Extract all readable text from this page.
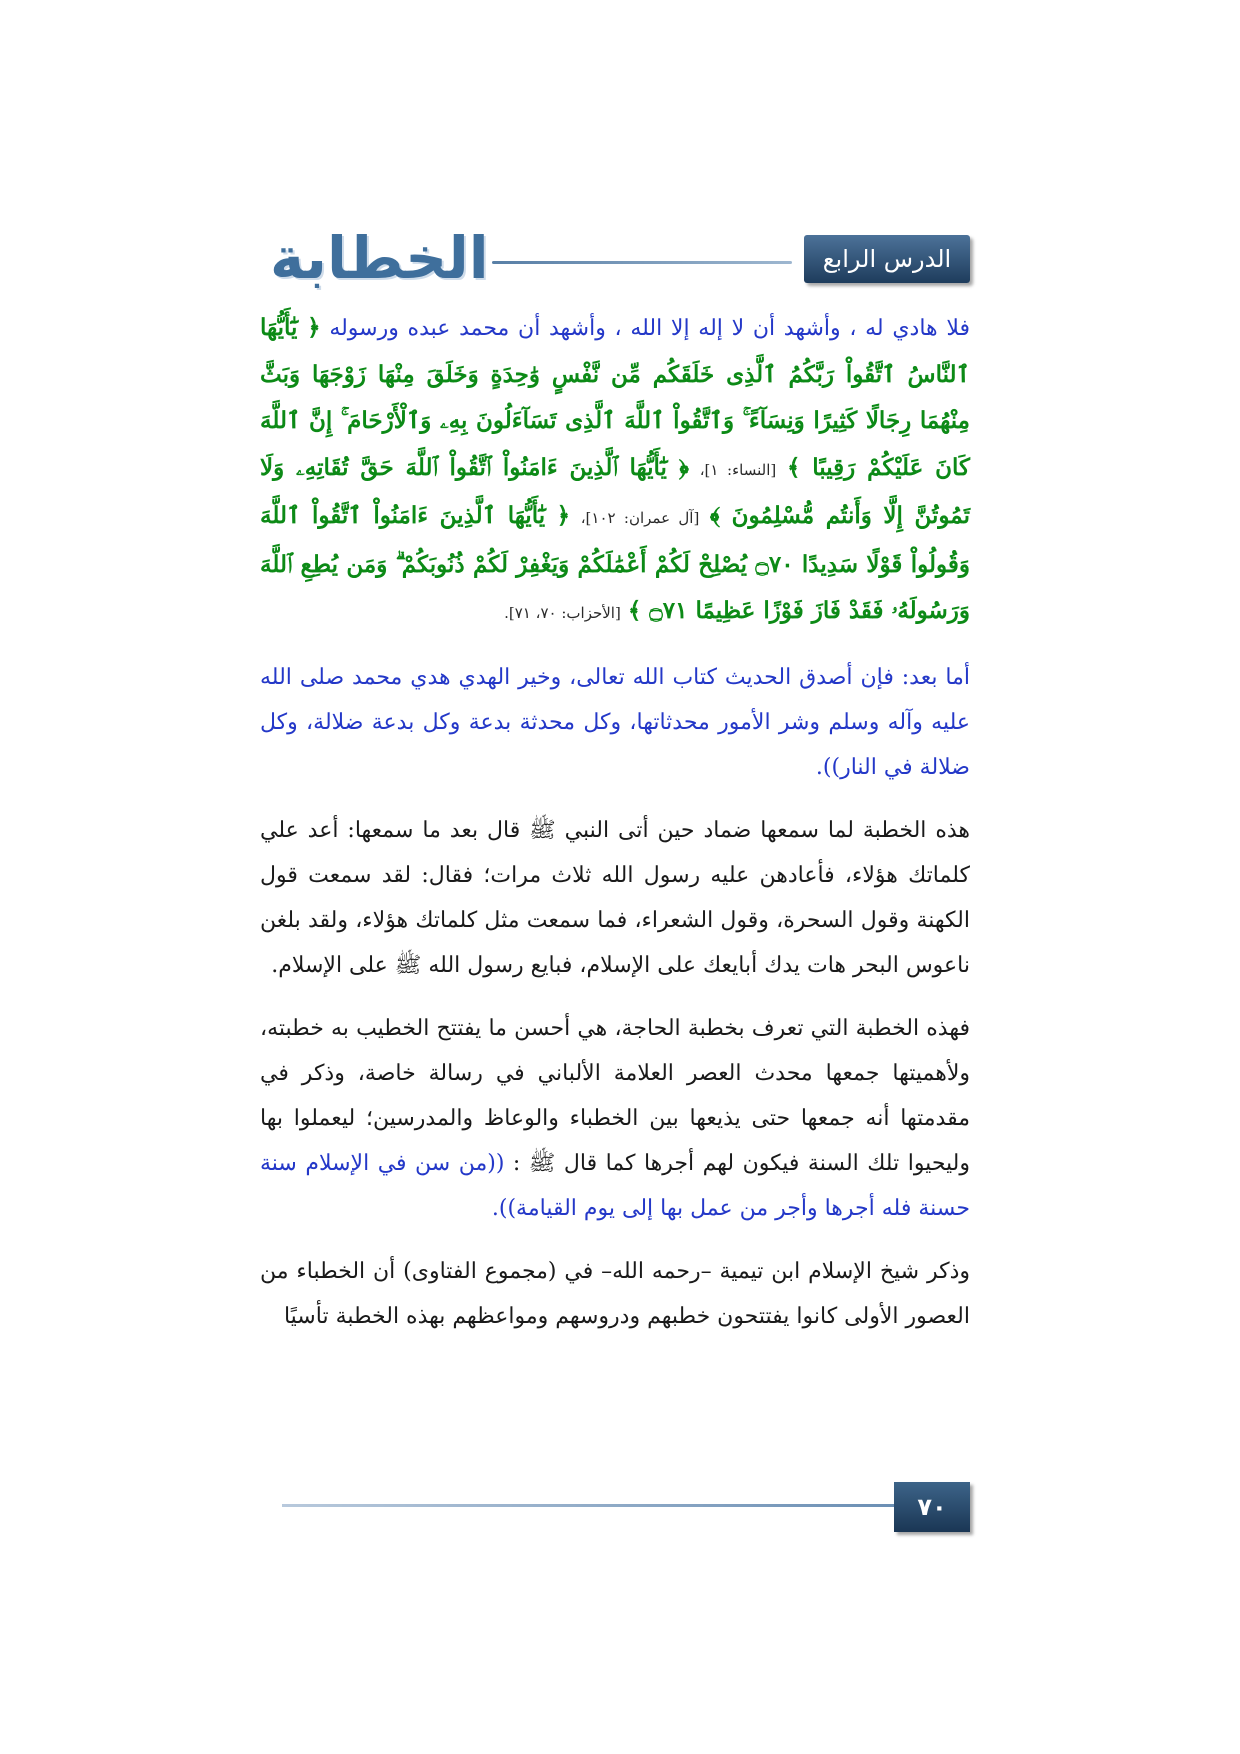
الخطابة	الدرس الرابع

فلا هادي له ، وأشهد أن لا إله إلا الله ، وأشهد أن محمد عبده ورسوله ﴿ يَٰٓأَيُّهَا ٱلنَّاسُ ٱتَّقُواْ رَبَّكُمُ ٱلَّذِى خَلَقَكُم مِّن نَّفْسٍ وَٰحِدَةٍ وَخَلَقَ مِنْهَا زَوْجَهَا وَبَثَّ مِنْهُمَا رِجَالًا كَثِيرًا وَنِسَآءً ۚ وَٱتَّقُواْ ٱللَّهَ ٱلَّذِى تَسَآءَلُونَ بِهِۦ وَٱلْأَرْحَامَ ۚ إِنَّ ٱللَّهَ كَانَ عَلَيْكُمْ رَقِيبًا ﴾ [النساء: ١]، ﴿ يَٰٓأَيُّهَا ٱلَّذِينَ ءَامَنُواْ ٱتَّقُواْ ٱللَّهَ حَقَّ تُقَاتِهِۦ وَلَا تَمُوتُنَّ إِلَّا وَأَنتُم مُّسْلِمُونَ ﴾ [آل عمران: ١٠٢]، ﴿ يَٰٓأَيُّهَا ٱلَّذِينَ ءَامَنُواْ ٱتَّقُواْ ٱللَّهَ وَقُولُواْ قَوْلًا سَدِيدًا ۝٧٠ يُصْلِحْ لَكُمْ أَعْمَٰلَكُمْ وَيَغْفِرْ لَكُمْ ذُنُوبَكُمْ ۗ وَمَن يُطِعِ ٱللَّهَ وَرَسُولَهُۥ فَقَدْ فَازَ فَوْزًا عَظِيمًا ۝٧١ ﴾ [الأحزاب: ٧٠، ٧١].

أما بعد: فإن أصدق الحديث كتاب الله تعالى، وخير الهدي هدي محمد صلى الله عليه وآله وسلم وشر الأمور محدثاتها، وكل محدثة بدعة وكل بدعة ضلالة، وكل ضلالة في النار)).

هذه الخطبة لما سمعها ضماد حين أتى النبي ﷺ قال بعد ما سمعها: أعد علي كلماتك هؤلاء، فأعادهن عليه رسول الله ثلاث مرات؛ فقال: لقد سمعت قول الكهنة وقول السحرة، وقول الشعراء، فما سمعت مثل كلماتك هؤلاء، ولقد بلغن ناعوس البحر هات يدك أبايعك على الإسلام، فبايع رسول الله ﷺ على الإسلام.

فهذه الخطبة التي تعرف بخطبة الحاجة، هي أحسن ما يفتتح الخطيب به خطبته، ولأهميتها جمعها محدث العصر العلامة الألباني في رسالة خاصة، وذكر في مقدمتها أنه جمعها حتى يذيعها بين الخطباء والوعاظ والمدرسين؛ ليعملوا بها وليحيوا تلك السنة فيكون لهم أجرها كما قال ﷺ : ((من سن في الإسلام سنة حسنة فله أجرها وأجر من عمل بها إلى يوم القيامة)).

وذكر شيخ الإسلام ابن تيمية –رحمه الله– في (مجموع الفتاوى) أن الخطباء من العصور الأولى كانوا يفتتحون خطبهم ودروسهم ومواعظهم بهذه الخطبة تأسيًا

٧٠
